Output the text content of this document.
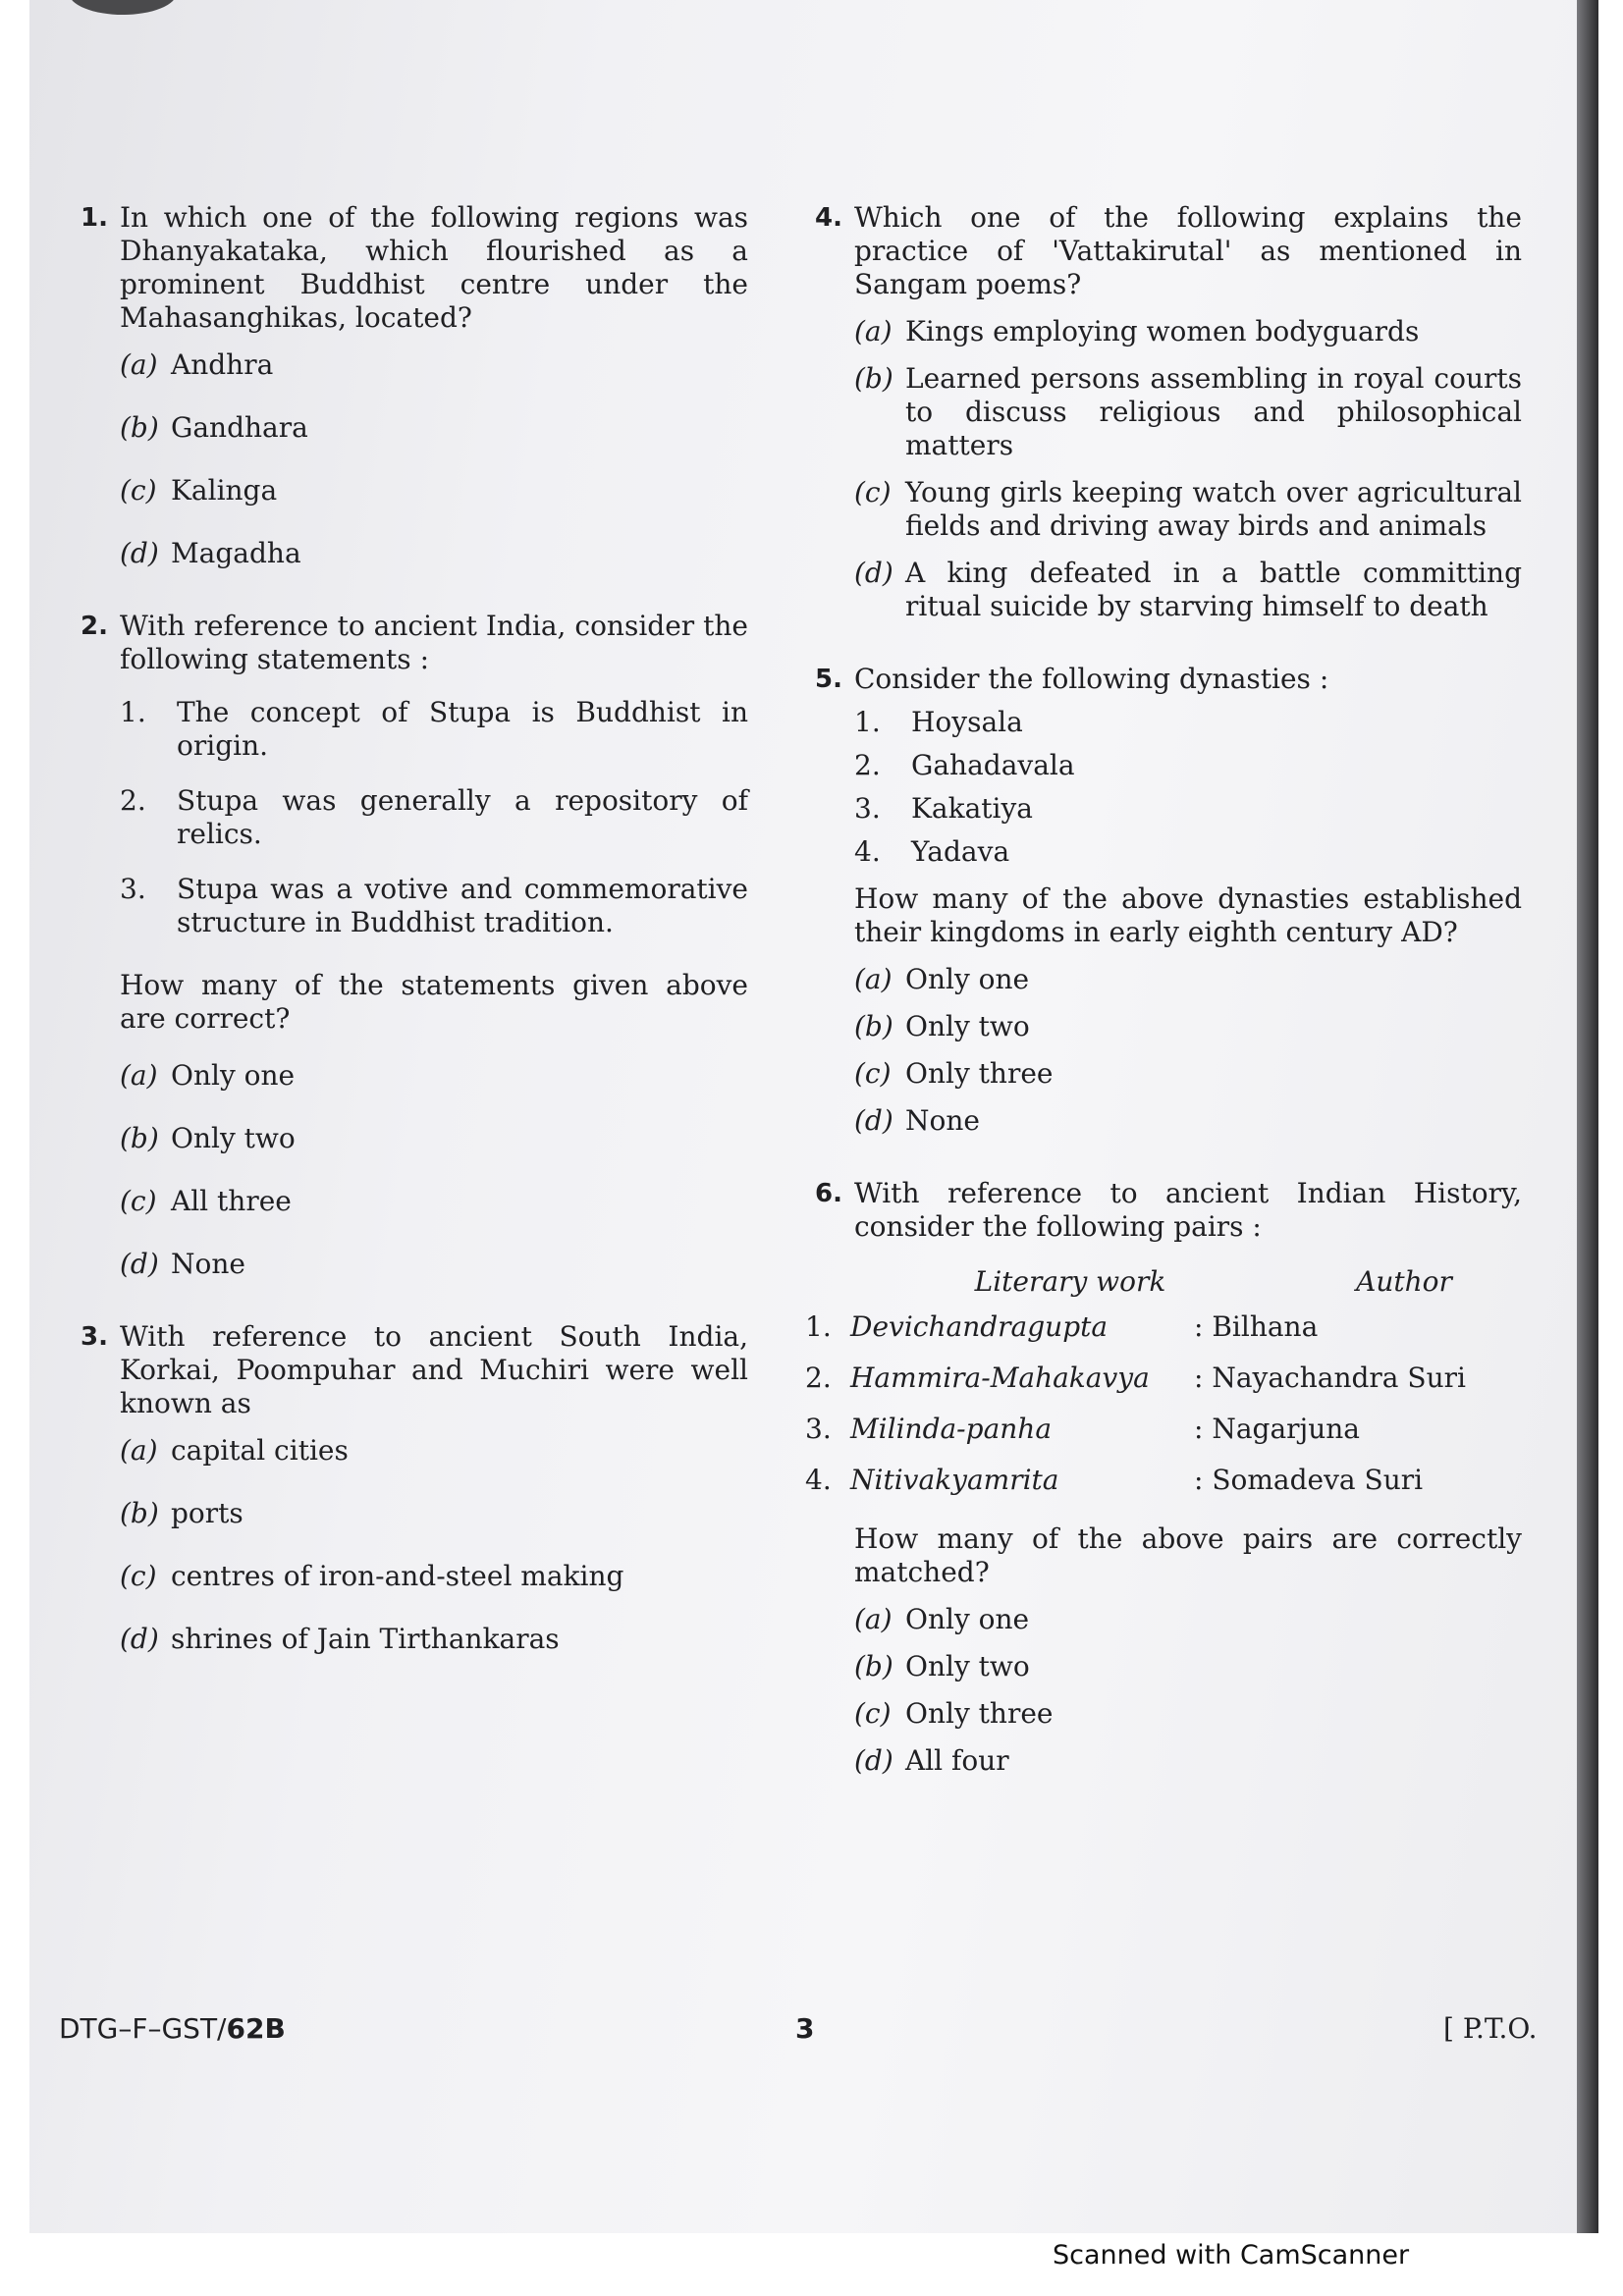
1. In which one of the following regions was Dhanyakataka, which flourished as a prominent Buddhist centre under the Mahasanghikas, located?
(a) Andhra
(b) Gandhara
(c) Kalinga
(d) Magadha
2. With reference to ancient India, consider the following statements :
1.	The concept of Stupa is Buddhist in origin.
2.	Stupa was generally a repository of relics.
3.	Stupa was a votive and commemorative structure in Buddhist tradition.
How many of the statements given above are correct?
(a) Only one
(b) Only two
(c) All three
(d) None
3. With reference to ancient South India, Korkai, Poompuhar and Muchiri were well known as
(a) capital cities
(b) ports
(c) centres of iron-and-steel making
(d) shrines of Jain Tirthankaras
4. Which one of the following explains the practice of 'Vattakirutal' as mentioned in Sangam poems?
(a) Kings employing women bodyguards
(b) Learned persons assembling in royal courts to discuss religious and philosophical matters
(c) Young girls keeping watch over agricultural fields and driving away birds and animals
(d) A king defeated in a battle committing ritual suicide by starving himself to death
5. Consider the following dynasties :
1.	Hoysala
2.	Gahadavala
3.	Kakatiya
4.	Yadava
How many of the above dynasties established their kingdoms in early eighth century AD?
(a) Only one
(b) Only two
(c) Only three
(d) None
6. With reference to ancient Indian History, consider the following pairs :
Literary work	Author
1. Devichandragupta	: Bilhana
2. Hammira-Mahakavya	: Nayachandra Suri
3. Milinda-panha	: Nagarjuna
4. Nitivakyamrita	: Somadeva Suri
How many of the above pairs are correctly matched?
(a) Only one
(b) Only two
(c) Only three
(d) All four
DTG–F–GST/62B	3	[ P.T.O.
Scanned with CamScanner
